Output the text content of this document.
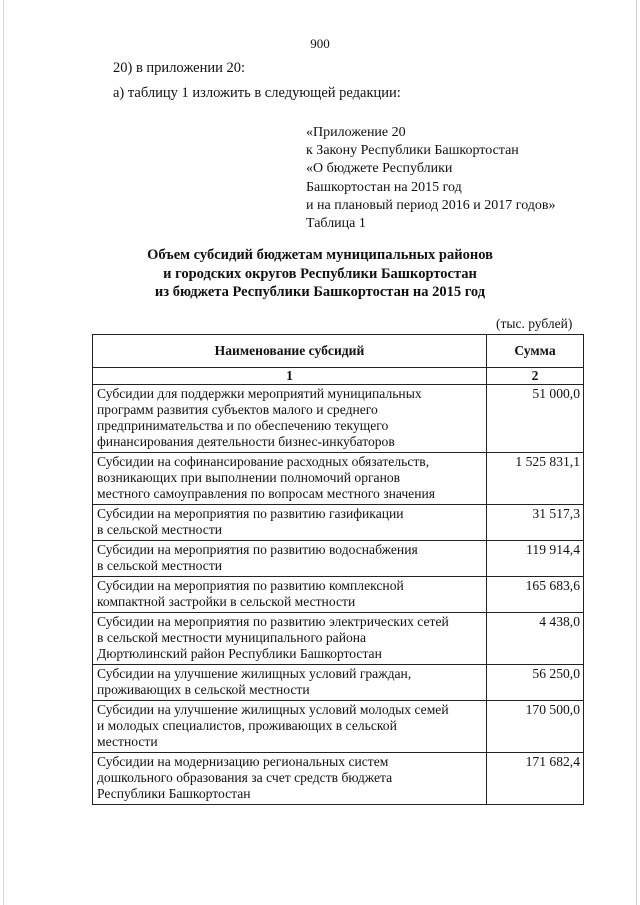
900
20) в приложении 20:
а) таблицу 1 изложить в следующей редакции:
«Приложение 20
к Закону Республики Башкортостан
«О бюджете Республики
Башкортостан на 2015 год
и на плановый период 2016 и 2017 годов»
Таблица 1
Объем субсидий бюджетам муниципальных районов
и городских округов Республики Башкортостан
из бюджета Республики Башкортостан на 2015 год
(тыс. рублей)
Наименование субсидий	Сумма
1	2

Субсидии для поддержки мероприятий муниципальных
программ развития субъектов малого и среднего
предпринимательства и по обеспечению текущего
финансирования деятельности бизнес-инкубаторов	51 000,0

Субсидии на софинансирование расходных обязательств,
возникающих при выполнении полномочий органов
местного самоуправления по вопросам местного значения	1 525 831,1

Субсидии на мероприятия по развитию газификации
в сельской местности	31 517,3

Субсидии на мероприятия по развитию водоснабжения
в сельской местности	119 914,4

Субсидии на мероприятия по развитию комплексной
компактной застройки в сельской местности	165 683,6

Субсидии на мероприятия по развитию электрических сетей
в сельской местности муниципального района
Дюртюлинский район Республики Башкортостан	4 438,0

Субсидии на улучшение жилищных условий граждан,
проживающих в сельской местности	56 250,0

Субсидии на улучшение жилищных условий молодых семей
и молодых специалистов, проживающих в сельской
местности	170 500,0

Субсидии на модернизацию региональных систем
дошкольного образования за счет средств бюджета
Республики Башкортостан	171 682,4
